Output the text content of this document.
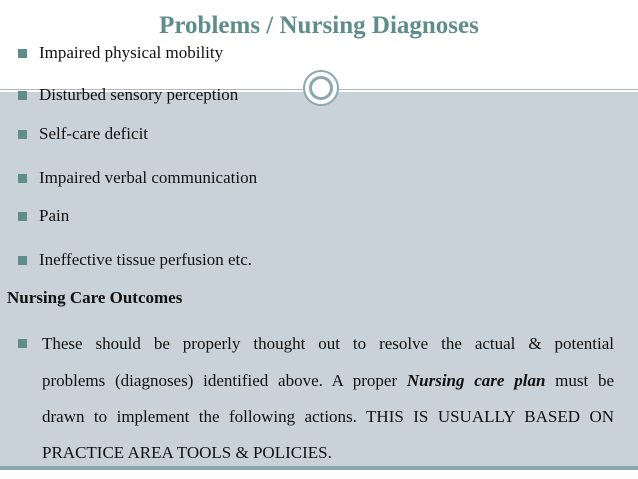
Problems / Nursing Diagnoses
Impaired physical mobility
Disturbed sensory perception
Self-care deficit
Impaired verbal communication
Pain
Ineffective tissue perfusion etc.
Nursing Care Outcomes
These should be properly thought out to resolve the actual & potential
problems (diagnoses) identified above. A proper Nursing care plan must be
drawn to implement the following actions. THIS IS USUALLY BASED ON
PRACTICE AREA TOOLS & POLICIES.
